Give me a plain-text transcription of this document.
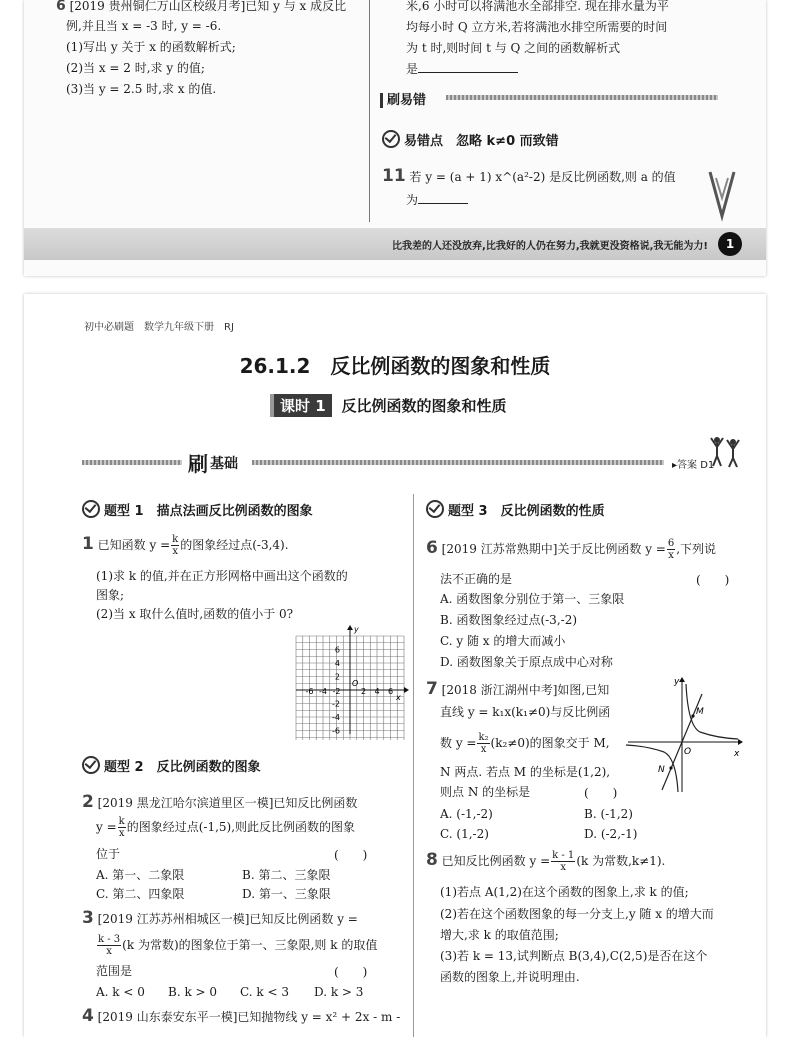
6 [2019 贵州铜仁万山区校级月考]已知 y 与 x 成反比
例,并且当 x = -3 时, y = -6.
(1)写出 y 关于 x 的函数解析式;
(2)当 x = 2 时,求 y 的值;
(3)当 y = 2.5 时,求 x 的值.
米,6 小时可以将满池水全部排空. 现在排水量为平
均每小时 Q 立方米,若将满池水排空所需要的时间
为 t 时,则时间 t 与 Q 之间的函数解析式
是
刷易错
易错点　忽略 k≠0 而致错
11 若 y = (a + 1) x^(a²-2) 是反比例函数,则 a 的值
为
比我差的人还没放弃,比我好的人仍在努力,我就更没资格说,我无能为力!	1
初中必刷题　数学九年级下册　RJ
26.1.2　反比例函数的图象和性质
课时 1 反比例函数的图象和性质
刷 基础	▸答案 D1
题型 1　描点法画反比例函数的图象
1 已知函数 $y = \frac{k}{x}$ 的图象经过点(-3,4).
(1)求 k 的值,并在正方形网格中画出这个函数的
图象;
(2)当 x 取什么值时,函数的值小于 0?
y
x
O
6
4
2
-2
-4
-6
-6 -4 -2	2 4 6
题型 2　反比例函数的图象
2 [2019 黑龙江哈尔滨道里区一模]已知反比例函数
$y = \frac{k}{x}$ 的图象经过点(-1,5),则此反比例函数的图象
位于	(　　)
A. 第一、二象限	B. 第二、三象限
C. 第二、四象限	D. 第一、三象限
3 [2019 江苏苏州相城区一模]已知反比例函数 y =
$\frac{k - 3}{x} (k$ 为常数)的图象位于第一、三象限,则 k 的取值
范围是	(　　)
A. k < 0 B. k > 0 C. k < 3 D. k > 3
4 [2019 山东泰安东平一模]已知抛物线 y = x² + 2x - m -
题型 3　反比例函数的性质
6 [2019 江苏常熟期中]关于反比例函数 $y = \frac{6}{x}$ ,下列说
法不正确的是	(　　)
A. 函数图象分别位于第一、三象限
B. 函数图象经过点(-3,-2)
C. y 随 x 的增大而减小
D. 函数图象关于原点成中心对称
7 [2018 浙江湖州中考]如图,已知
直线 y = k₁x(k₁≠0)与反比例函
数 $y = \frac{\text{k₂}}{x} (k_2\ne 0)$的图象交于 M,
N 两点. 若点 M 的坐标是(1,2),
则点 N 的坐标是	(　　)
A. (-1,-2)	B. (-1,2)
C. (1,-2)	D. (-2,-1)
y
x
O
M
N
8 已知反比例函数 $y = \frac{k - 1}{x} (k$ 为常数,k≠1).
(1)若点 A(1,2)在这个函数的图象上,求 k 的值;
(2)若在这个函数图象的每一分支上,y 随 x 的增大而
增大,求 k 的取值范围;
(3)若 k = 13,试判断点 B(3,4),C(2,5)是否在这个
函数的图象上,并说明理由.
